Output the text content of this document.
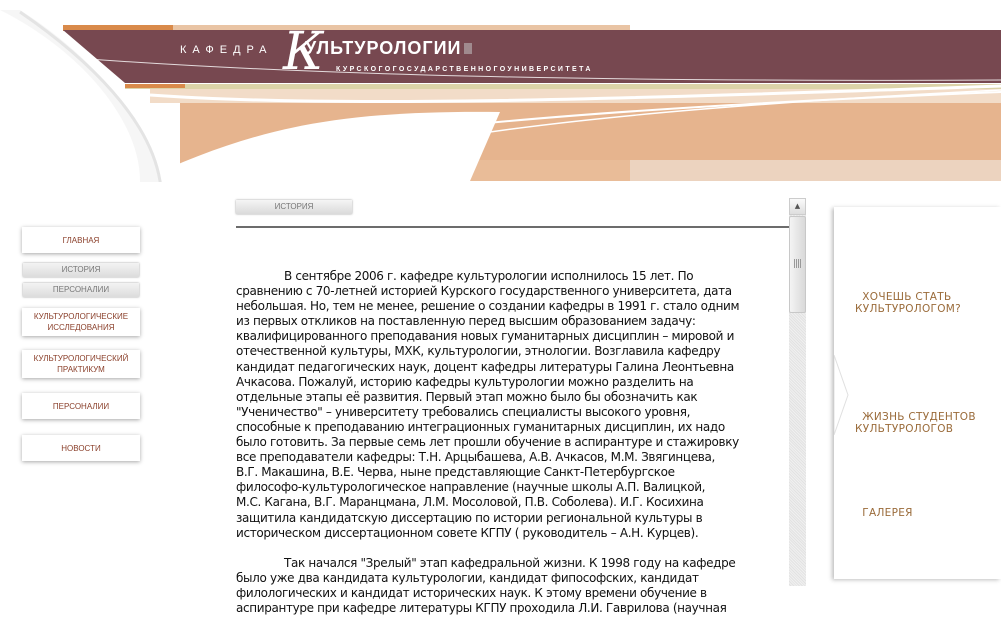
КАФЕДРА К
УЛЬТУРОЛОГИИ
КУРСКОГОГОСУДАРСТВЕННОГОУНИВЕРСИТЕТА
ГЛАВНАЯ
ИСТОРИЯ
ПЕРСОНАЛИИ
КУЛЬТУРОЛОГИЧЕСКИЕ ИССЛЕДОВАНИЯ
КУЛЬТУРОЛОГИЧЕСКИЙ ПРАКТИКУМ
ПЕРСОНАЛИИ
НОВОСТИ
ИСТОРИЯ

В сентябре 2006 г. кафедре культурологии исполнилось 15 лет. По
сравнению с 70-летней историей Курского государственного университета, дата
небольшая. Но, тем не менее, решение о создании кафедры в 1991 г. стало одним
из первых откликов на поставленную перед высшим образованием задачу:
квалифицированного преподавания новых гуманитарных дисциплин – мировой и
отечественной культуры, МХК, культурологии, этнологии. Возглавила кафедру
кандидат педагогических наук, доцент кафедры литературы Галина Леонтьевна
Ачкасова. Пожалуй, историю кафедры культурологии можно разделить на
отдельные этапы её развития. Первый этап можно было бы обозначить как
"Ученичество" – университету требовались специалисты высокого уровня,
способные к преподаванию интеграционных гуманитарных дисциплин, их надо
было готовить. За первые семь лет прошли обучение в аспирантуре и стажировку
все преподаватели кафедры: Т.Н. Арцыбашева, А.В. Ачкасов, М.М. Звягинцева,
В.Г. Макашина, В.Е. Черва, ныне представляющие Санкт-Петербургское
философо-культурологическое направление (научные школы А.П. Валицкой,
М.С. Кагана, В.Г. Маранцмана, Л.М. Мосоловой, П.В. Соболева). И.Г. Косихина
защитила кандидатскую диссертацию по истории региональной культуры в
историческом диссертационном совете КГПУ ( руководитель – А.Н. Курцев).

Так начался "Зрелый" этап кафедральной жизни. К 1998 году на кафедре
было уже два кандидата культурологии, кандидат фипософских, кандидат
филологических и кандидат исторических наук. К этому времени обучение в
аспирантуре при кафедре литературы КГПУ проходила Л.И. Гаврилова (научная

▲
ХОЧЕШЬ СТАТЬ
КУЛЬТУРОЛОГОМ?
ЖИЗНЬ СТУДЕНТОВ
КУЛЬТУРОЛОГОВ
ГАЛЕРЕЯ
